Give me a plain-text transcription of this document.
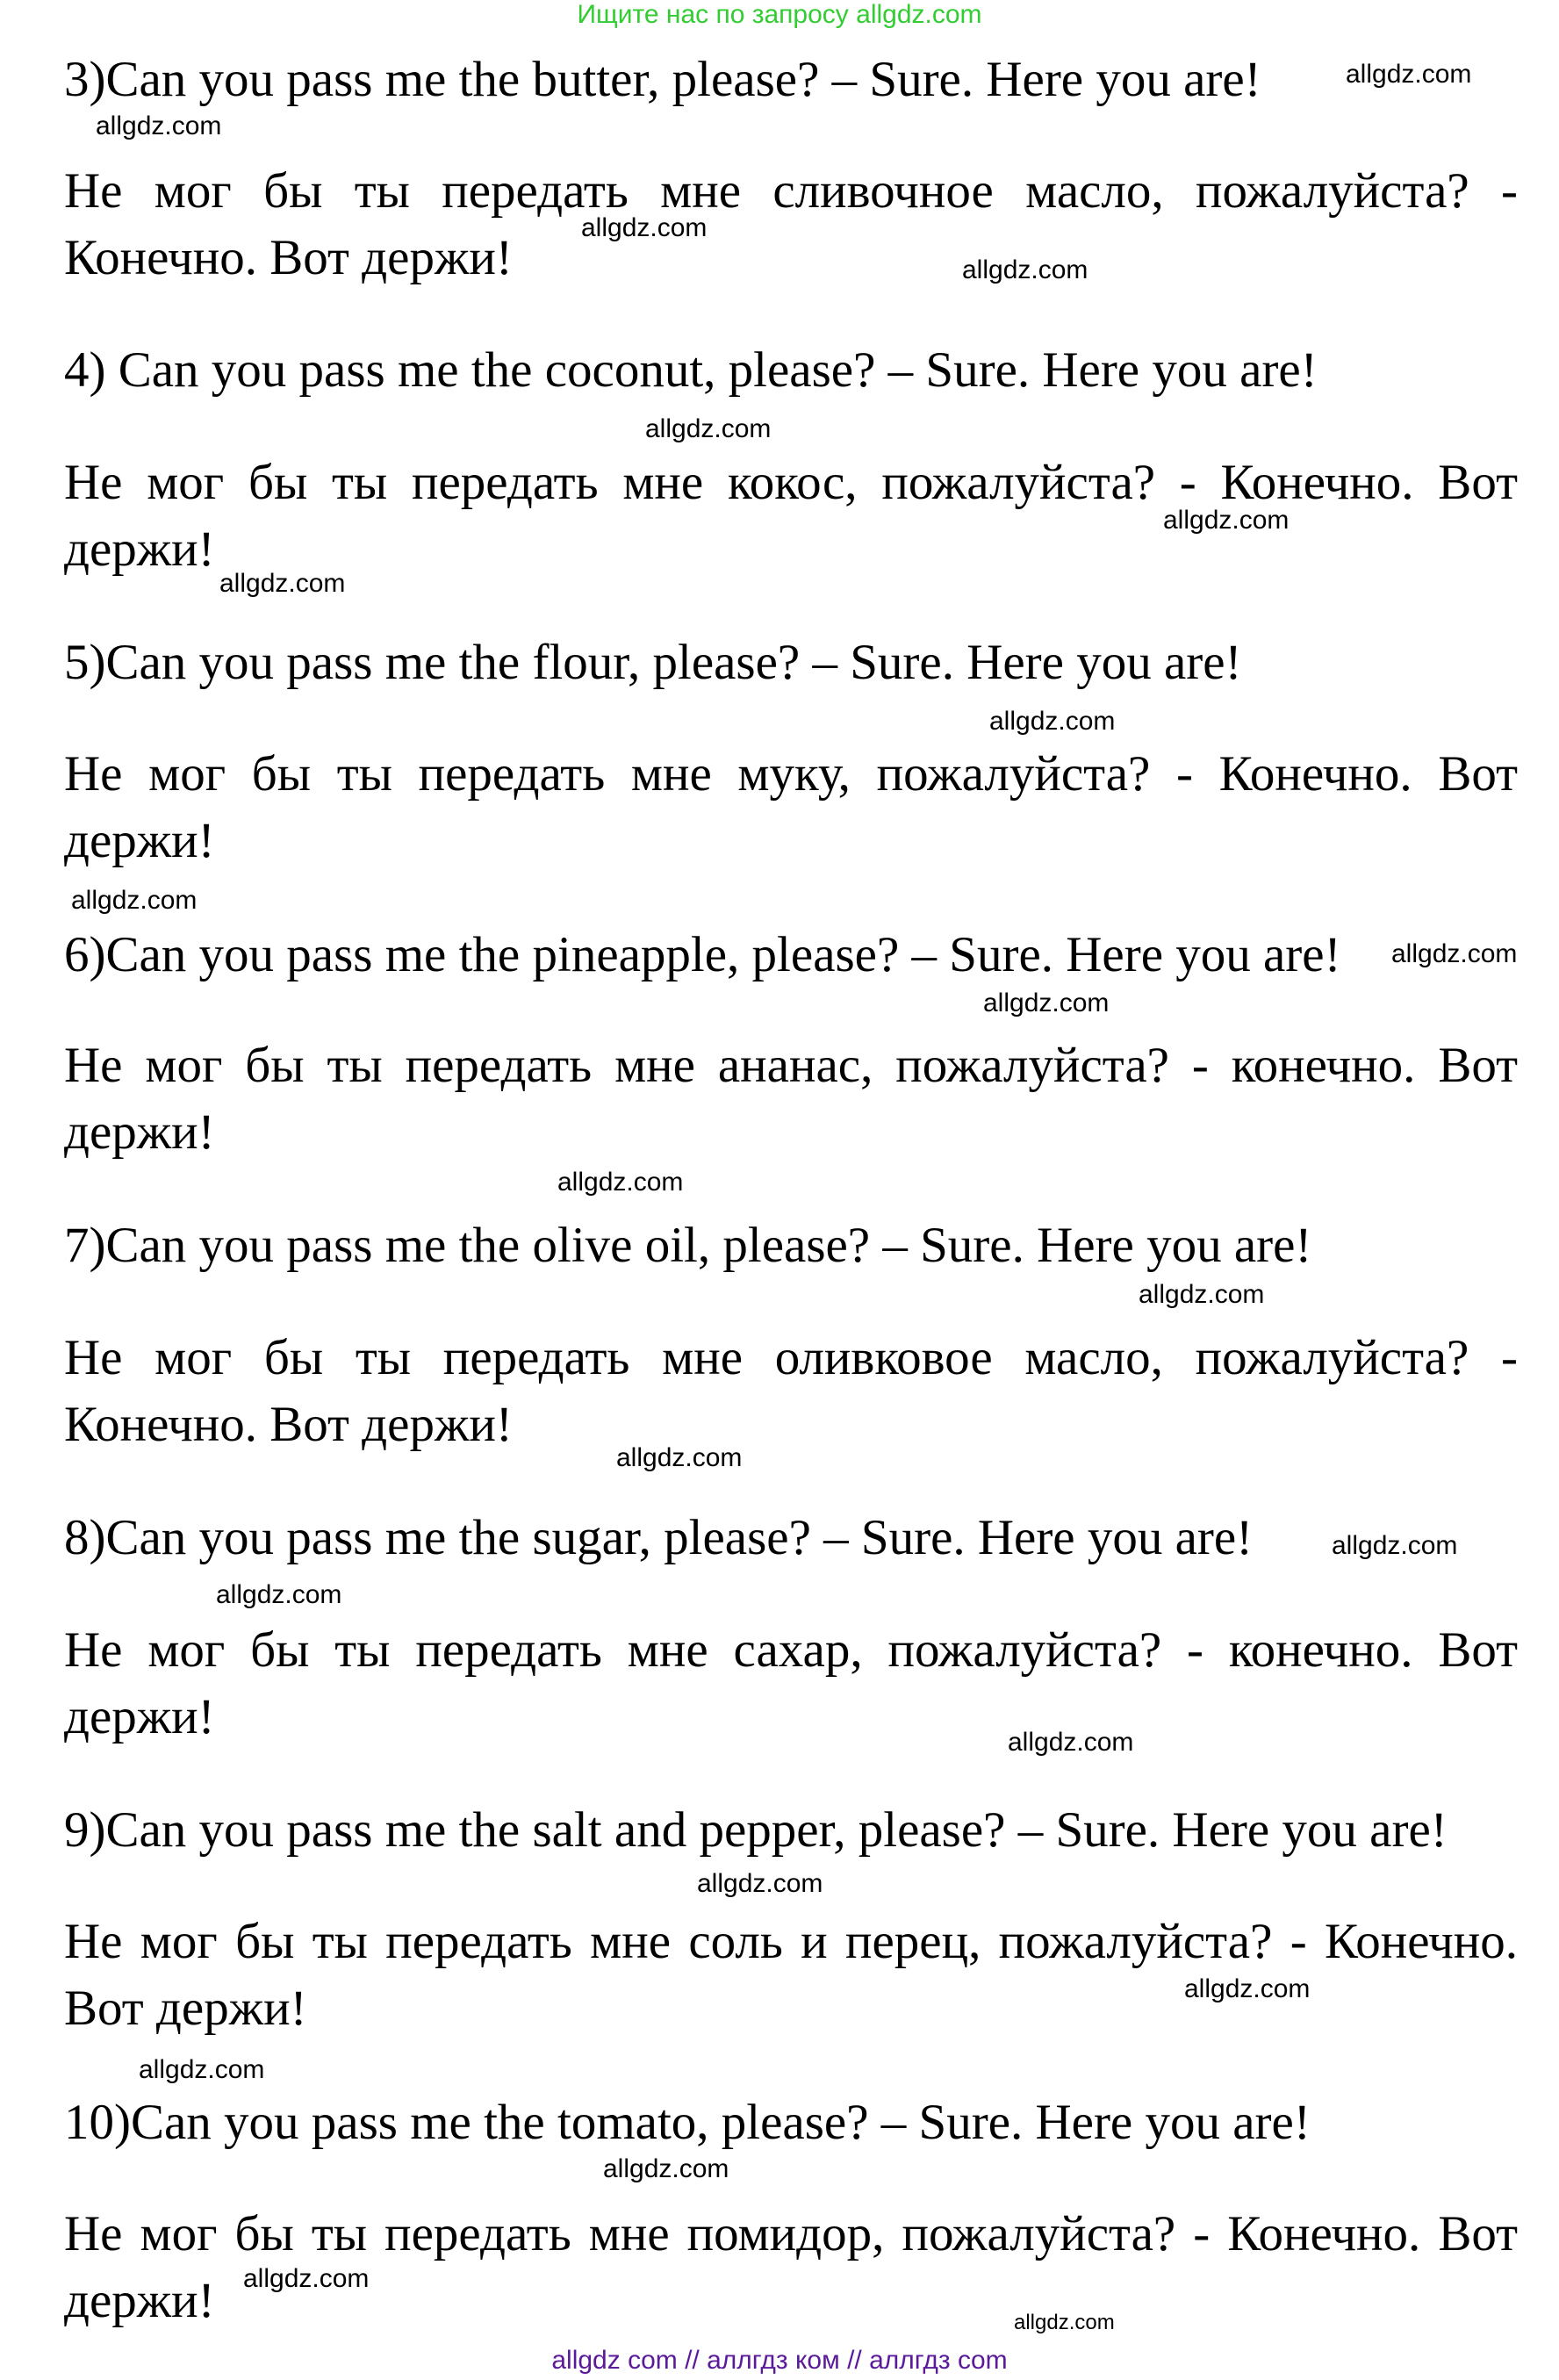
Ищите нас по запросу allgdz.com
3)Can you pass me the butter, please? – Sure. Here you are!
Не мог бы ты передать мне сливочное масло, пожалуйста? - Конечно. Вот держи!
4) Can you pass me the coconut, please? – Sure. Here you are!
Не мог бы ты передать мне кокос, пожалуйста? - Конечно. Вот держи!
5)Can you pass me the flour, please? – Sure. Here you are!
Не мог бы ты передать мне муку, пожалуйста? - Конечно. Вот держи!
6)Can you pass me the pineapple, please? – Sure. Here you are!
Не мог бы ты передать мне ананас, пожалуйста? - конечно. Вот держи!
7)Can you pass me the olive oil, please? – Sure. Here you are!
Не мог бы ты передать мне оливковое масло, пожалуйста? - Конечно. Вот держи!
8)Can you pass me the sugar, please? – Sure. Here you are!
Не мог бы ты передать мне сахар, пожалуйста? - конечно. Вот держи!
9)Can you pass me the salt and pepper, please? – Sure. Here you are!
Не мог бы ты передать мне соль и перец, пожалуйста? - Конечно. Вот держи!
10)Can you pass me the tomato, please? – Sure. Here you are!
Не мог бы ты передать мне помидор, пожалуйста? - Конечно. Вот держи!
allgdz.com
allgdz.com
allgdz.com
allgdz.com
allgdz.com
allgdz.com
allgdz.com
allgdz.com
allgdz.com
allgdz.com
allgdz.com
allgdz.com
allgdz.com
allgdz.com
allgdz.com
allgdz.com
allgdz.com
allgdz.com
allgdz.com
allgdz.com
allgdz.com
allgdz.com
allgdz.com
allgdz com // аллгдз ком // аллгдз com
